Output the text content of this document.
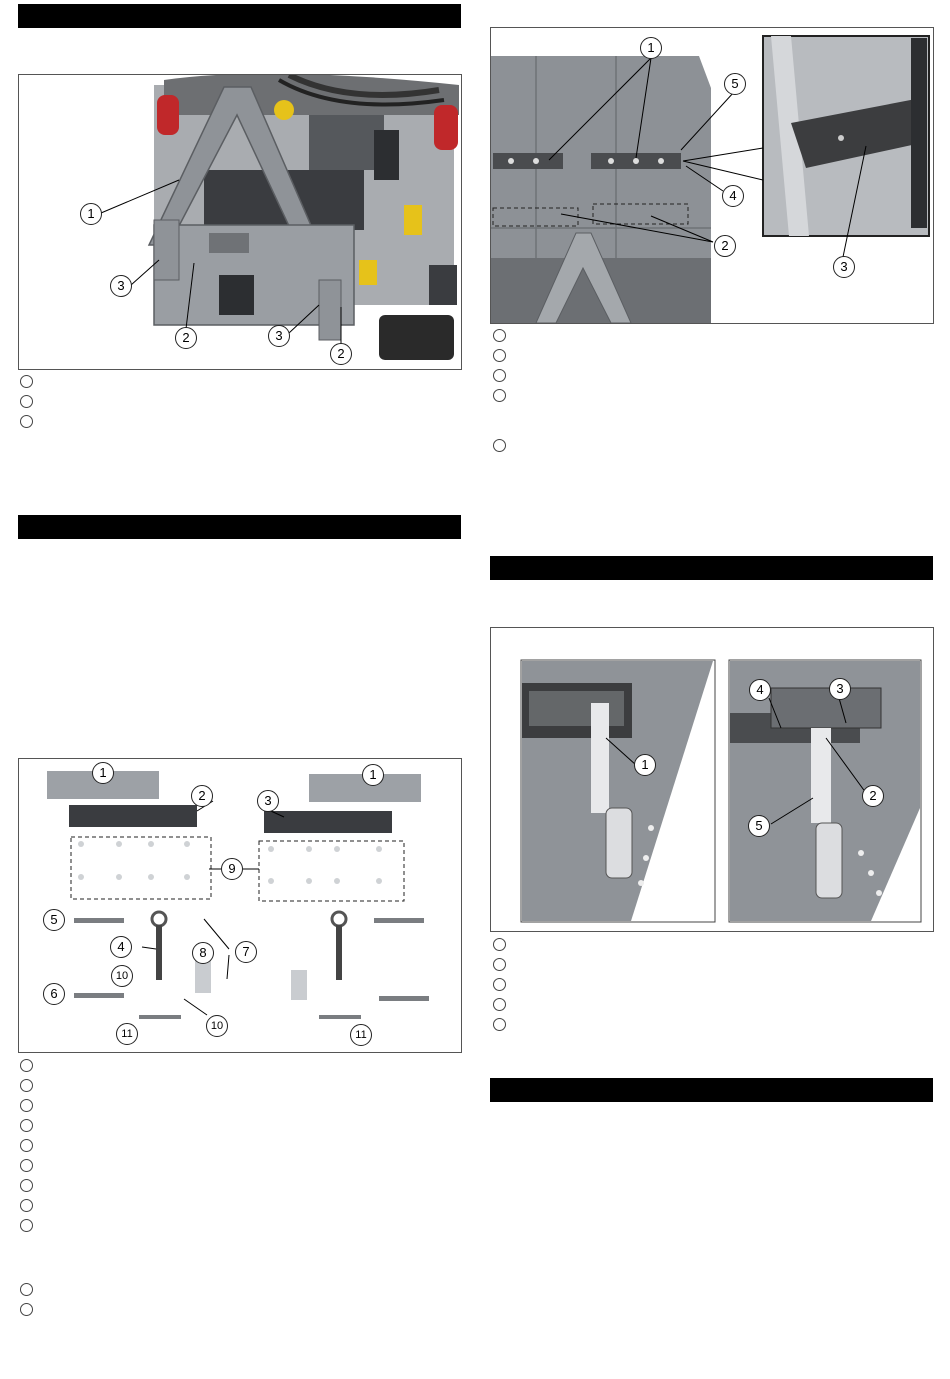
1
3
2	3
2
1
5
4
2
3
1
2	3
9
5
4	7
8
10
6
10
11
1
11
1
4	3
2
5
